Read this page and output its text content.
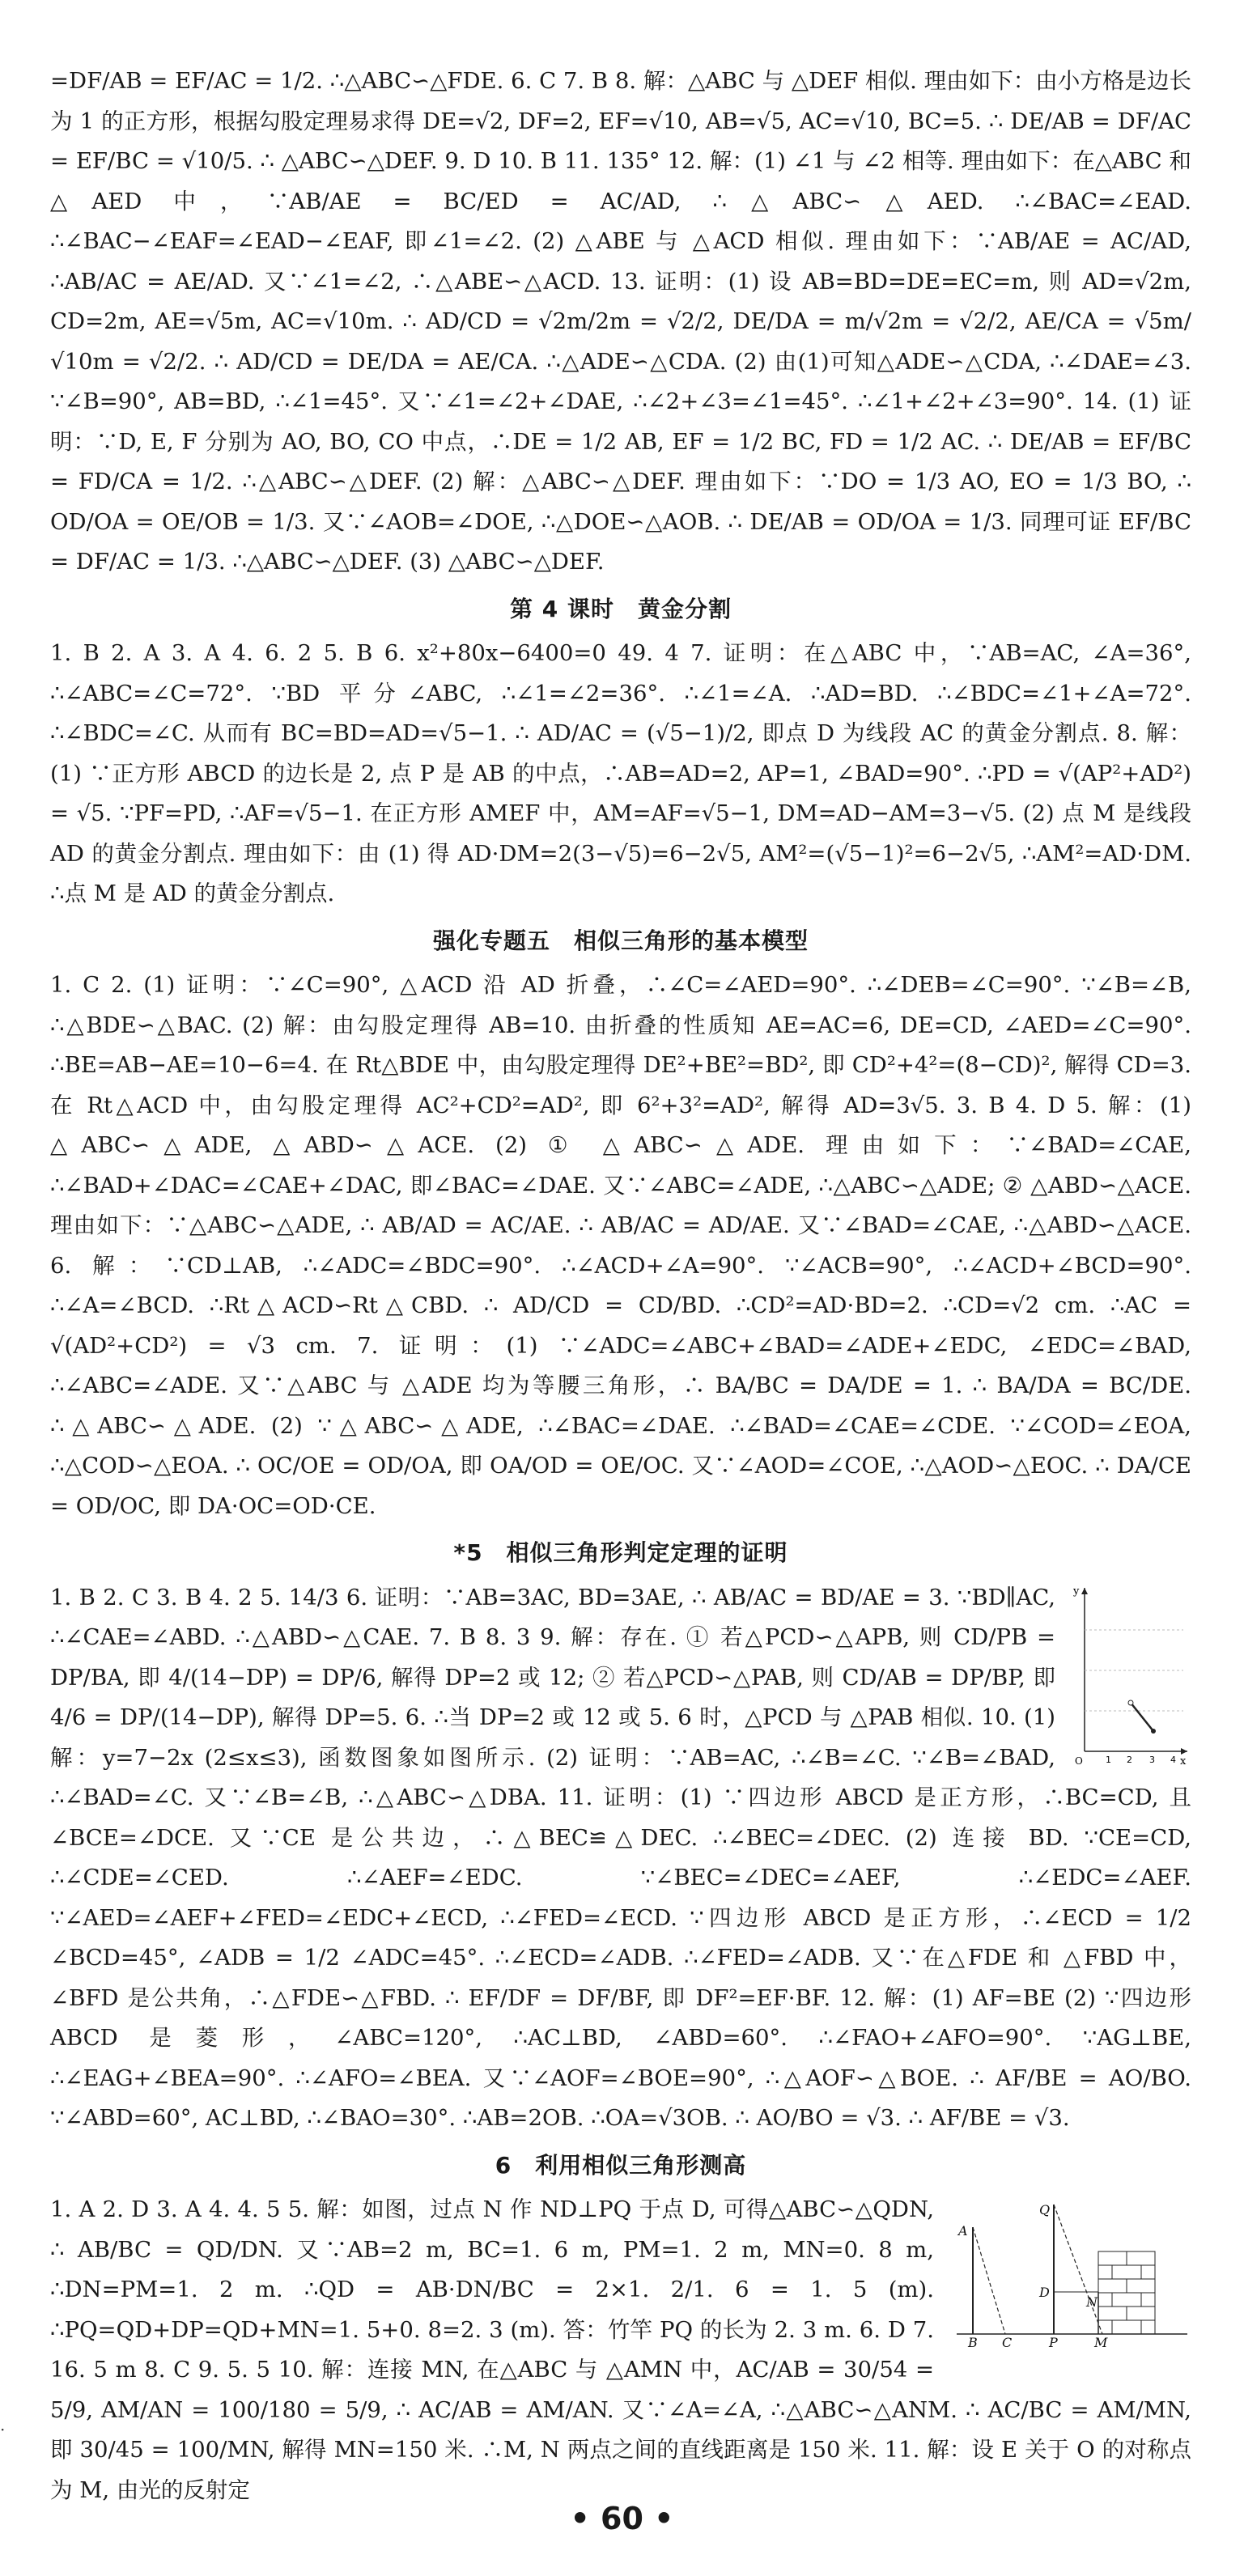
=DF/AB = EF/AC = 1/2. ∴△ABC∽△FDE. 6. C 7. B 8. 解：△ABC 与 △DEF 相似. 理由如下：由小方格是边长为 1 的正方形，根据勾股定理易求得 DE=√2, DF=2, EF=√10, AB=√5, AC=√10, BC=5. ∴ DE/AB = DF/AC = EF/BC = √10/5. ∴ △ABC∽△DEF. 9. D 10. B 11. 135° 12. 解：(1) ∠1 与 ∠2 相等. 理由如下：在△ABC 和△AED 中，∵AB/AE = BC/ED = AC/AD, ∴△ABC∽△AED. ∴∠BAC=∠EAD. ∴∠BAC−∠EAF=∠EAD−∠EAF, 即∠1=∠2. (2) △ABE 与 △ACD 相似. 理由如下：∵AB/AE = AC/AD, ∴AB/AC = AE/AD. 又∵∠1=∠2, ∴△ABE∽△ACD. 13. 证明：(1) 设 AB=BD=DE=EC=m, 则 AD=√2m, CD=2m, AE=√5m, AC=√10m. ∴ AD/CD = √2m/2m = √2/2, DE/DA = m/√2m = √2/2, AE/CA = √5m/√10m = √2/2. ∴ AD/CD = DE/DA = AE/CA. ∴△ADE∽△CDA. (2) 由(1)可知△ADE∽△CDA, ∴∠DAE=∠3. ∵∠B=90°, AB=BD, ∴∠1=45°. 又∵∠1=∠2+∠DAE, ∴∠2+∠3=∠1=45°. ∴∠1+∠2+∠3=90°. 14. (1) 证明：∵D, E, F 分别为 AO, BO, CO 中点，∴DE = 1/2 AB, EF = 1/2 BC, FD = 1/2 AC. ∴ DE/AB = EF/BC = FD/CA = 1/2. ∴△ABC∽△DEF. (2) 解：△ABC∽△DEF. 理由如下：∵DO = 1/3 AO, EO = 1/3 BO, ∴ OD/OA = OE/OB = 1/3. 又∵∠AOB=∠DOE, ∴△DOE∽△AOB. ∴ DE/AB = OD/OA = 1/3. 同理可证 EF/BC = DF/AC = 1/3. ∴△ABC∽△DEF. (3) △ABC∽△DEF.

第 4 课时　黄金分割

1. B 2. A 3. A 4. 6. 2 5. B 6. x²+80x−6400=0 49. 4 7. 证明：在△ABC 中，∵AB=AC, ∠A=36°, ∴∠ABC=∠C=72°. ∵BD 平分∠ABC, ∴∠1=∠2=36°. ∴∠1=∠A. ∴AD=BD. ∴∠BDC=∠1+∠A=72°. ∴∠BDC=∠C. 从而有 BC=BD=AD=√5−1. ∴ AD/AC = (√5−1)/2, 即点 D 为线段 AC 的黄金分割点. 8. 解：(1) ∵正方形 ABCD 的边长是 2, 点 P 是 AB 的中点，∴AB=AD=2, AP=1, ∠BAD=90°. ∴PD = √(AP²+AD²) = √5. ∵PF=PD, ∴AF=√5−1. 在正方形 AMEF 中，AM=AF=√5−1, DM=AD−AM=3−√5. (2) 点 M 是线段 AD 的黄金分割点. 理由如下：由 (1) 得 AD·DM=2(3−√5)=6−2√5, AM²=(√5−1)²=6−2√5, ∴AM²=AD·DM. ∴点 M 是 AD 的黄金分割点.

强化专题五　相似三角形的基本模型

1. C 2. (1) 证明：∵∠C=90°, △ACD 沿 AD 折叠，∴∠C=∠AED=90°. ∴∠DEB=∠C=90°. ∵∠B=∠B, ∴△BDE∽△BAC. (2) 解：由勾股定理得 AB=10. 由折叠的性质知 AE=AC=6, DE=CD, ∠AED=∠C=90°. ∴BE=AB−AE=10−6=4. 在 Rt△BDE 中，由勾股定理得 DE²+BE²=BD², 即 CD²+4²=(8−CD)², 解得 CD=3. 在 Rt△ACD 中，由勾股定理得 AC²+CD²=AD², 即 6²+3²=AD², 解得 AD=3√5. 3. B 4. D 5. 解：(1) △ABC∽△ADE, △ABD∽△ACE. (2) ① △ABC∽△ADE. 理由如下：∵∠BAD=∠CAE, ∴∠BAD+∠DAC=∠CAE+∠DAC, 即∠BAC=∠DAE. 又∵∠ABC=∠ADE, ∴△ABC∽△ADE; ② △ABD∽△ACE. 理由如下：∵△ABC∽△ADE, ∴ AB/AD = AC/AE. ∴ AB/AC = AD/AE. 又∵∠BAD=∠CAE, ∴△ABD∽△ACE. 6. 解：∵CD⊥AB, ∴∠ADC=∠BDC=90°. ∴∠ACD+∠A=90°. ∵∠ACB=90°, ∴∠ACD+∠BCD=90°. ∴∠A=∠BCD. ∴Rt△ACD∽Rt△CBD. ∴ AD/CD = CD/BD. ∴CD²=AD·BD=2. ∴CD=√2 cm. ∴AC = √(AD²+CD²) = √3 cm. 7. 证明：(1) ∵∠ADC=∠ABC+∠BAD=∠ADE+∠EDC, ∠EDC=∠BAD, ∴∠ABC=∠ADE. 又∵△ABC 与 △ADE 均为等腰三角形，∴ BA/BC = DA/DE = 1. ∴ BA/DA = BC/DE. ∴△ABC∽△ADE. (2) ∵△ABC∽△ADE, ∴∠BAC=∠DAE. ∴∠BAD=∠CAE=∠CDE. ∵∠COD=∠EOA, ∴△COD∽△EOA. ∴ OC/OE = OD/OA, 即 OA/OD = OE/OC. 又∵∠AOD=∠COE, ∴△AOD∽△EOC. ∴ DA/CE = OD/OC, 即 DA·OC=OD·CE.

*5　相似三角形判定定理的证明
y
x
O	1 2 3 4

1. B 2. C 3. B 4. 2 5. 14/3 6. 证明：∵AB=3AC, BD=3AE, ∴ AB/AC = BD/AE = 3. ∵BD∥AC, ∴∠CAE=∠ABD. ∴△ABD∽△CAE. 7. B 8. 3 9. 解：存在. ① 若△PCD∽△APB, 则 CD/PB = DP/BA, 即 4/(14−DP) = DP/6, 解得 DP=2 或 12; ② 若△PCD∽△PAB, 则 CD/AB = DP/BP, 即 4/6 = DP/(14−DP), 解得 DP=5. 6. ∴当 DP=2 或 12 或 5. 6 时，△PCD 与 △PAB 相似. 10. (1) 解：y=7−2x (2≤x≤3), 函数图象如图所示. (2) 证明：∵AB=AC, ∴∠B=∠C. ∵∠B=∠BAD, ∴∠BAD=∠C. 又∵∠B=∠B, ∴△ABC∽△DBA. 11. 证明：(1) ∵四边形 ABCD 是正方形，∴BC=CD, 且∠BCE=∠DCE. 又∵CE 是公共边，∴△BEC≌△DEC. ∴∠BEC=∠DEC. (2) 连接 BD. ∵CE=CD, ∴∠CDE=∠CED. ∴∠AEF=∠EDC. ∵∠BEC=∠DEC=∠AEF, ∴∠EDC=∠AEF. ∵∠AED=∠AEF+∠FED=∠EDC+∠ECD, ∴∠FED=∠ECD. ∵四边形 ABCD 是正方形，∴∠ECD = 1/2 ∠BCD=45°, ∠ADB = 1/2 ∠ADC=45°. ∴∠ECD=∠ADB. ∴∠FED=∠ADB. 又∵在△FDE 和 △FBD 中，∠BFD 是公共角，∴△FDE∽△FBD. ∴ EF/DF = DF/BF, 即 DF²=EF·BF. 12. 解：(1) AF=BE (2) ∵四边形 ABCD 是菱形，∠ABC=120°, ∴AC⊥BD, ∠ABD=60°. ∴∠FAO+∠AFO=90°. ∵AG⊥BE, ∴∠EAG+∠BEA=90°. ∴∠AFO=∠BEA. 又∵∠AOF=∠BOE=90°, ∴△AOF∽△BOE. ∴ AF/BE = AO/BO. ∵∠ABD=60°, AC⊥BD, ∴∠BAO=30°. ∴AB=2OB. ∴OA=√3OB. ∴ AO/BO = √3. ∴ AF/BE = √3.

6　利用相似三角形测高
A
B C	P	M
Q
D
N

1. A 2. D 3. A 4. 4. 5 5. 解：如图，过点 N 作 ND⊥PQ 于点 D, 可得△ABC∽△QDN, ∴ AB/BC = QD/DN. 又∵AB=2 m, BC=1. 6 m, PM=1. 2 m, MN=0. 8 m, ∴DN=PM=1. 2 m. ∴QD = AB·DN/BC = 2×1. 2/1. 6 = 1. 5 (m). ∴PQ=QD+DP=QD+MN=1. 5+0. 8=2. 3 (m). 答：竹竿 PQ 的长为 2. 3 m. 6. D 7. 16. 5 m 8. C 9. 5. 5 10. 解：连接 MN, 在△ABC 与 △AMN 中，AC/AB = 30/54 = 5/9, AM/AN = 100/180 = 5/9, ∴ AC/AB = AM/AN. 又∵∠A=∠A, ∴△ABC∽△ANM. ∴ AC/BC = AM/MN, 即 30/45 = 100/MN, 解得 MN=150 米. ∴M, N 两点之间的直线距离是 150 米. 11. 解：设 E 关于 O 的对称点为 M, 由光的反射定

·
• 60 •
